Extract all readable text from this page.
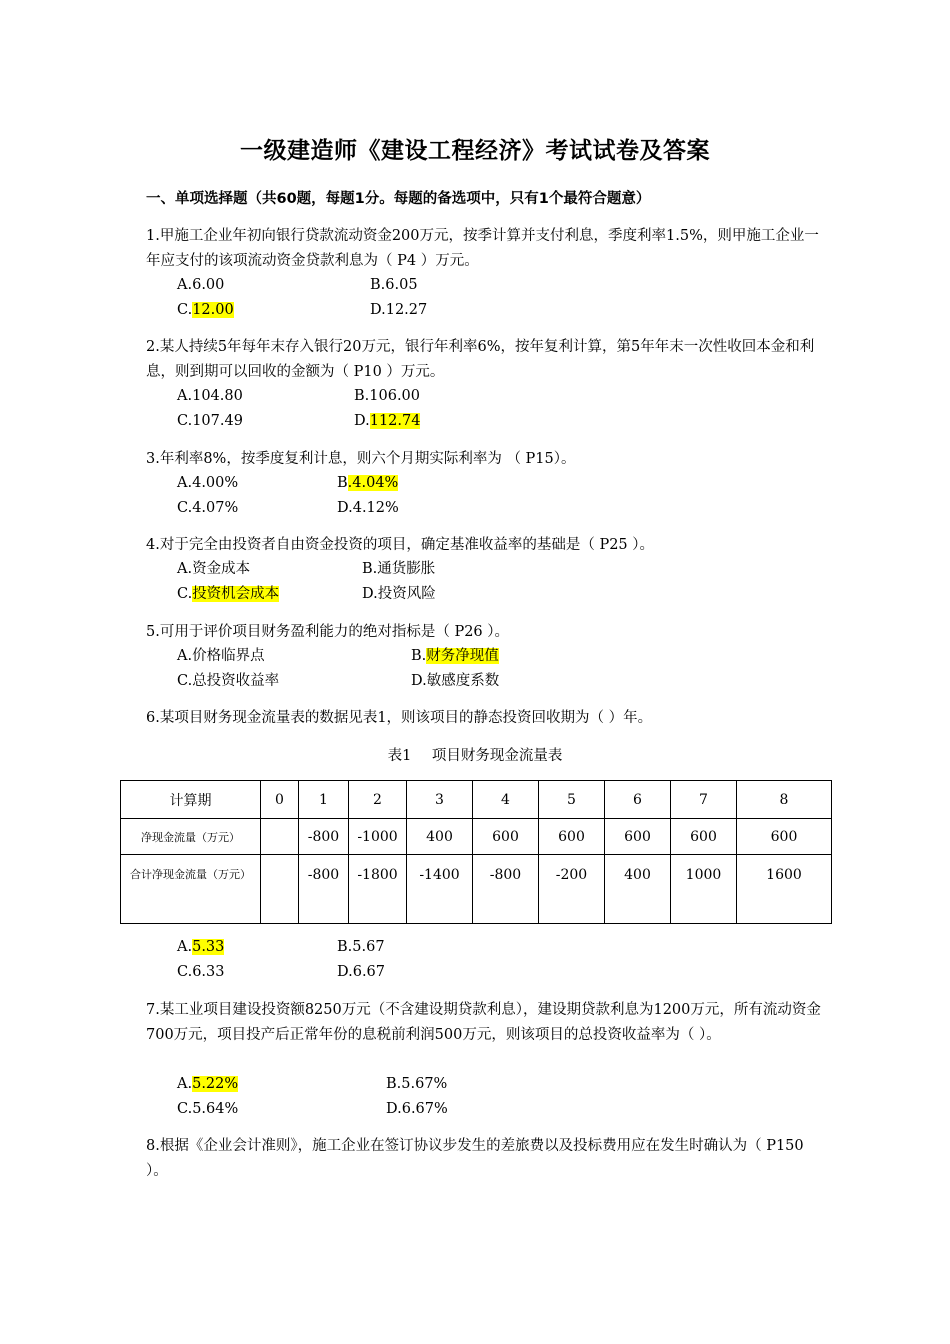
一级建造师《建设工程经济》考试试卷及答案

一、单项选择题（共60题，每题1分。每题的备选项中，只有1个最符合题意）

1.甲施工企业年初向银行贷款流动资金200万元，按季计算并支付利息，季度利率1.5%，则甲施工企业一年应支付的该项流动资金贷款利息为（ P4 ）万元。

A.6.00	B.6.05
C.12.00	D.12.27

2.某人持续5年每年末存入银行20万元，银行年利率6%，按年复利计算，第5年年末一次性收回本金和利息，则到期可以回收的金额为（ P10 ）万元。

A.104.80	B.106.00
C.107.49	D.112.74

3.年利率8%，按季度复利计息，则六个月期实际利率为 （ P15）。

A.4.00%	B.4.04%
C.4.07%	D.4.12%

4.对于完全由投资者自由资金投资的项目，确定基准收益率的基础是（ P25 ）。

A.资金成本	B.通货膨胀
C.投资机会成本	D.投资风险

5.可用于评价项目财务盈利能力的绝对指标是（ P26 ）。

A.价格临界点	B.财务净现值
C.总投资收益率	D.敏感度系数

6.某项目财务现金流量表的数据见表1，则该项目的静态投资回收期为（ ）年。

表1 项目财务现金流量表
计算期	0	1	2	3	4	5	6	7	8
净现金流量（万元）		-800	-1000	400	600	600	600	600	600
合计净现金流量（万元）		-800	-1800	-1400	-800	-200	400	1000	1600
A.5.33	B.5.67
C.6.33	D.6.67

7.某工业项目建设投资额8250万元（不含建设期贷款利息），建设期贷款利息为1200万元，所有流动资金700万元，项目投产后正常年份的息税前利润500万元，则该项目的总投资收益率为（ ）。

A.5.22%	B.5.67%
C.5.64%	D.6.67%

8.根据《企业会计准则》，施工企业在签订协议步发生的差旅费以及投标费用应在发生时确认为（ P150 ）。
